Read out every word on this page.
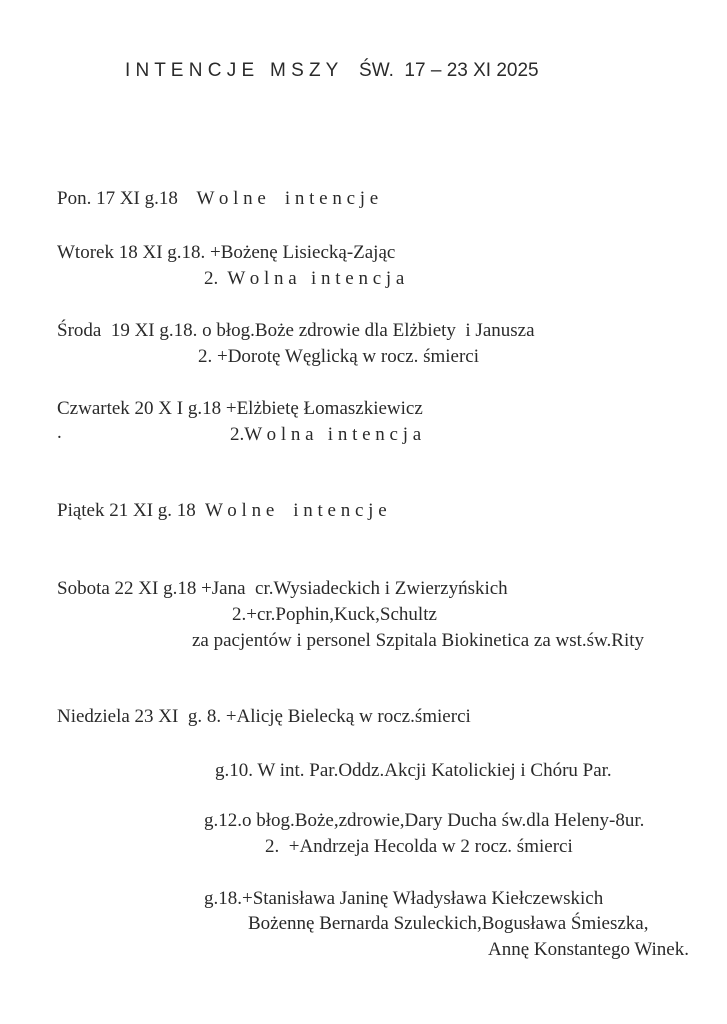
I N T E N C J E   M S Z Y    ŚW.  17 – 23 XI 2025
Pon. 17 XI g.18    W o l n e    i n t e n c j e
Wtorek 18 XI g.18. +Bożenę Lisiecką-Zając
2.  W o l n a   i n t e n c j a
Środa  19 XI g.18. o błog.Boże zdrowie dla Elżbiety  i Janusza
2. +Dorotę Węglicką w rocz. śmierci
Czwartek 20 X I g.18 +Elżbietę Łomaszkiewicz
.	2.W o l n a   i n t e n c j a
Piątek 21 XI g. 18  W o l n e    i n t e n c j e
Sobota 22 XI g.18 +Jana  cr.Wysiadeckich i Zwierzyńskich
2.+cr.Pophin,Kuck,Schultz
za pacjentów i personel Szpitala Biokinetica za wst.św.Rity
Niedziela 23 XI  g. 8. +Alicję Bielecką w rocz.śmierci
g.10. W int. Par.Oddz.Akcji Katolickiej i Chóru Par.
g.12.o błog.Boże,zdrowie,Dary Ducha św.dla Heleny-8ur.
2.  +Andrzeja Hecolda w 2 rocz. śmierci
g.18.+Stanisława Janinę Władysława Kiełczewskich
Bożennę Bernarda Szuleckich,Bogusława Śmieszka,
Annę Konstantego Winek.
